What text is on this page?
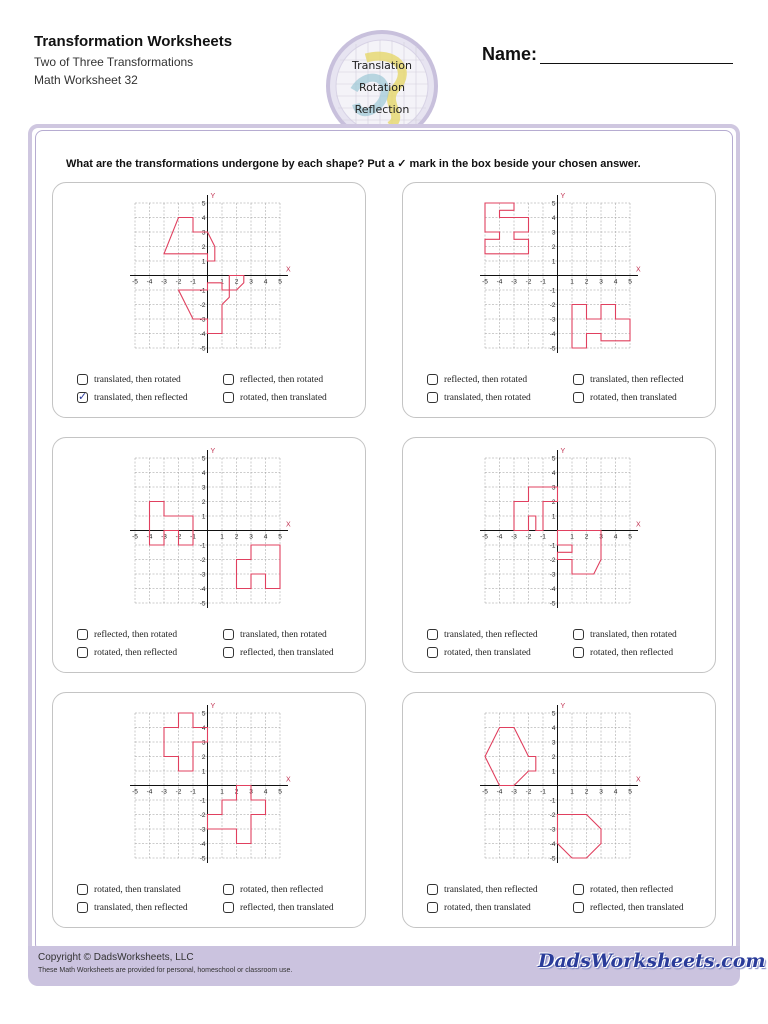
Transformation Worksheets
Two of Three Transformations
Math Worksheet 32
Translation
Rotation
Reflection
Name:
What are the transformations undergone by each shape? Put a ✓ mark in the box beside your chosen answer.
X
Y
-5 -4 -3 -2 -1	1 2 3 4 5
5
4
3
2
1
-1
-2
-3
-4
-5
translated, then rotated	reflected, then rotated
✓ translated, then reflected	rotated, then translated
X
Y
-5 -4 -3 -2 -1	1 2 3 4 5
5
4
3
2
1
-1
-2
-3
-4
-5
reflected, then rotated	translated, then reflected
translated, then rotated	rotated, then translated
X
Y
-5 -4 -3 -2 -1	1 2 3 4 5
5
4
3
2
1
-1
-2
-3
-4
-5
reflected, then rotated	translated, then rotated
rotated, then reflected	reflected, then translated
X
Y
-5 -4 -3 -2 -1	1 2 3 4 5
5
4
3
2
1
-1
-2
-3
-4
-5
translated, then reflected	translated, then rotated
rotated, then translated	rotated, then reflected
X
Y
-5 -4 -3 -2 -1	1 2 3 4 5
5
4
3
2
1
-1
-2
-3
-4
-5
rotated, then translated	rotated, then reflected
translated, then reflected	reflected, then translated
X
Y
-5 -4 -3 -2 -1	1 2 3 4 5
5
4
3
2
1
-1
-2
-3
-4
-5
translated, then reflected	rotated, then reflected
rotated, then translated	reflected, then translated
Copyright © DadsWorksheets, LLC
These Math Worksheets are provided for personal, homeschool or classroom use.	DadsWorksheets.com
